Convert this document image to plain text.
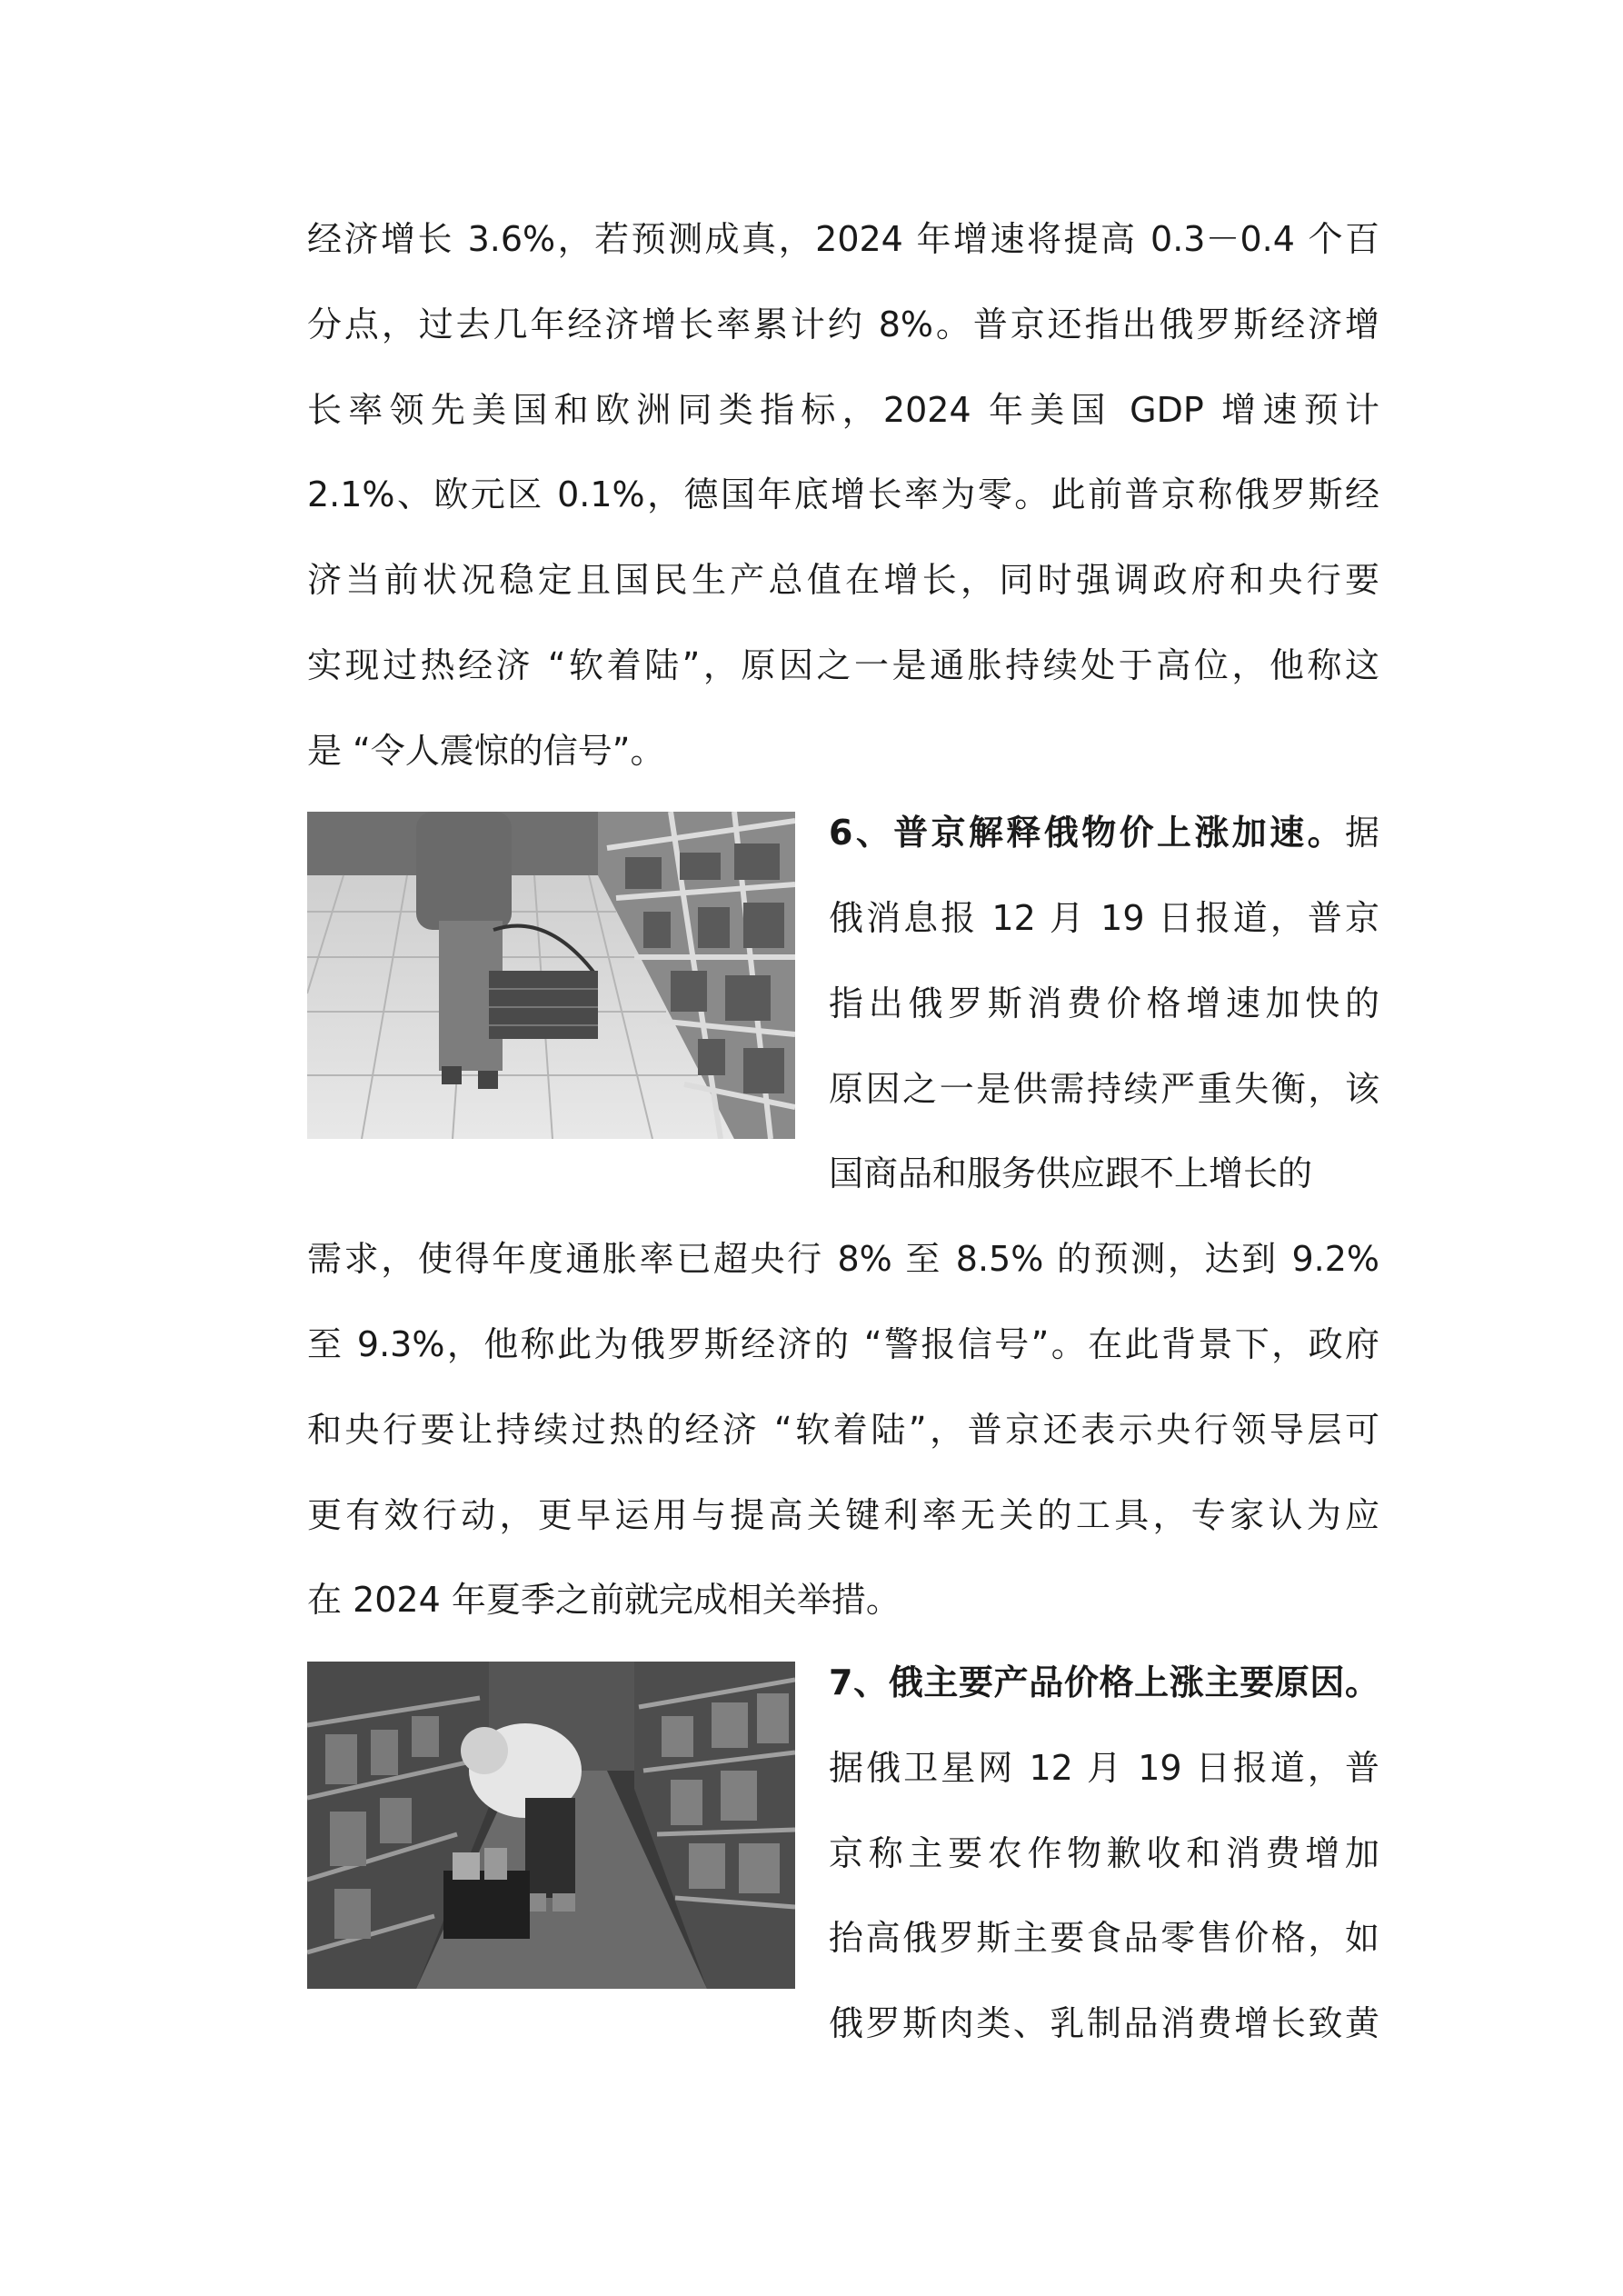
经济增长 3.6%，若预测成真，2024 年增速将提高 0.3－0.4 个百
分点，过去几年经济增长率累计约 8%。普京还指出俄罗斯经济增
长率领先美国和欧洲同类指标，2024 年美国 GDP 增速预计
2.1%、欧元区 0.1%，德国年底增长率为零。此前普京称俄罗斯经
济当前状况稳定且国民生产总值在增长，同时强调政府和央行要
实现过热经济 “软着陆”，原因之一是通胀持续处于高位，他称这
是 “令人震惊的信号”。
6、普京解释俄物价上涨加速。据
俄消息报 12 月 19 日报道，普京
指出俄罗斯消费价格增速加快的
原因之一是供需持续严重失衡，该
国商品和服务供应跟不上增长的
需求，使得年度通胀率已超央行 8% 至 8.5% 的预测，达到 9.2%
至 9.3%，他称此为俄罗斯经济的 “警报信号”。在此背景下，政府
和央行要让持续过热的经济 “软着陆”，普京还表示央行领导层可
更有效行动，更早运用与提高关键利率无关的工具，专家认为应
在 2024 年夏季之前就完成相关举措。
7、俄主要产品价格上涨主要原因。
据俄卫星网 12 月 19 日报道，普
京称主要农作物歉收和消费增加
抬高俄罗斯主要食品零售价格，如
俄罗斯肉类、乳制品消费增长致黄
